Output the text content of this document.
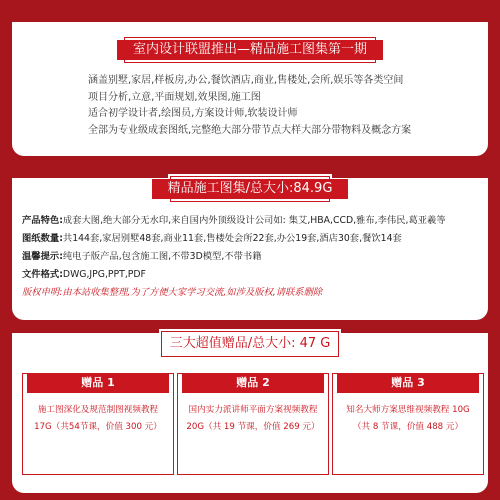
室内设计联盟推出—精品施工图集第一期
涵盖别墅,家居,样板房,办公,餐饮酒店,商业,售楼处,会所,娱乐等各类空间
项目分析,立意,平面规划,效果图,施工图
适合初学设计者,绘图员,方案设计师,软装设计师
全部为专业级成套图纸,完整绝大部分带节点大样大部分带物料及概念方案
精品施工图集/总大小:84.9G
产品特色:成套大图,绝大部分无水印,来自国内外顶级设计公司如: 集艾,HBA,CCD,雅布,李伟民,葛亚羲等
图纸数量:共144套,家居别墅48套,商业11套,售楼处会所22套,办公19套,酒店30套,餐饮14套
温馨提示:纯电子版产品,包含施工图,不带3D模型,不带书籍
文件格式:DWG,JPG,PPT,PDF
版权申明:由本站收集整理,为了方便大家学习交流,如涉及版权,请联系删除
三大超值赠品/总大小: 47 G
赠品 1
施工图深化及规范制图视频教程
17G（共54节课，价值 300 元）
赠品 2
国内实力派讲师平面方案视频教程
20G（共 19 节课，价值 269 元）
赠品 3
知名大师方案思维视频教程 10G
（共 8 节课，价值 488 元）
